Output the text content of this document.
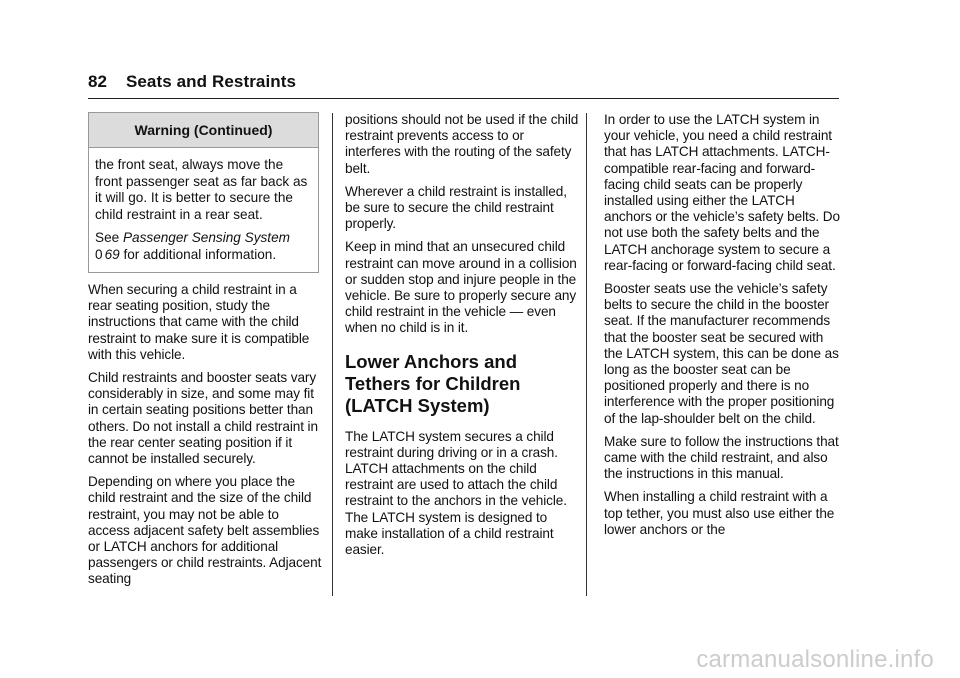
82 Seats and Restraints
Warning (Continued)

the front seat, always move the front passenger seat as far back as it will go. It is better to secure the child restraint in a rear seat.

See Passenger Sensing System
0 69 for additional information.

When securing a child restraint in a rear seating position, study the instructions that came with the child restraint to make sure it is compatible with this vehicle.

Child restraints and booster seats vary considerably in size, and some may fit in certain seating positions better than others. Do not install a child restraint in the rear center seating position if it cannot be installed securely.

Depending on where you place the child restraint and the size of the child restraint, you may not be able to access adjacent safety belt assemblies or LATCH anchors for additional passengers or child restraints. Adjacent seating

positions should not be used if the child restraint prevents access to or interferes with the routing of the safety belt.

Wherever a child restraint is installed, be sure to secure the child restraint properly.

Keep in mind that an unsecured child restraint can move around in a collision or sudden stop and injure people in the vehicle. Be sure to properly secure any child restraint in the vehicle — even when no child is in it.

Lower Anchors and Tethers for Children (LATCH System)

The LATCH system secures a child restraint during driving or in a crash. LATCH attachments on the child restraint are used to attach the child restraint to the anchors in the vehicle. The LATCH system is designed to make installation of a child restraint easier.

In order to use the LATCH system in your vehicle, you need a child restraint that has LATCH attachments. LATCH-compatible rear-facing and forward-facing child seats can be properly installed using either the LATCH anchors or the vehicle’s safety belts. Do not use both the safety belts and the LATCH anchorage system to secure a rear-facing or forward-facing child seat.

Booster seats use the vehicle’s safety belts to secure the child in the booster seat. If the manufacturer recommends that the booster seat be secured with the LATCH system, this can be done as long as the booster seat can be positioned properly and there is no interference with the proper positioning of the lap-shoulder belt on the child.

Make sure to follow the instructions that came with the child restraint, and also the instructions in this manual.

When installing a child restraint with a top tether, you must also use either the lower anchors or the

carmanualsonline.info
